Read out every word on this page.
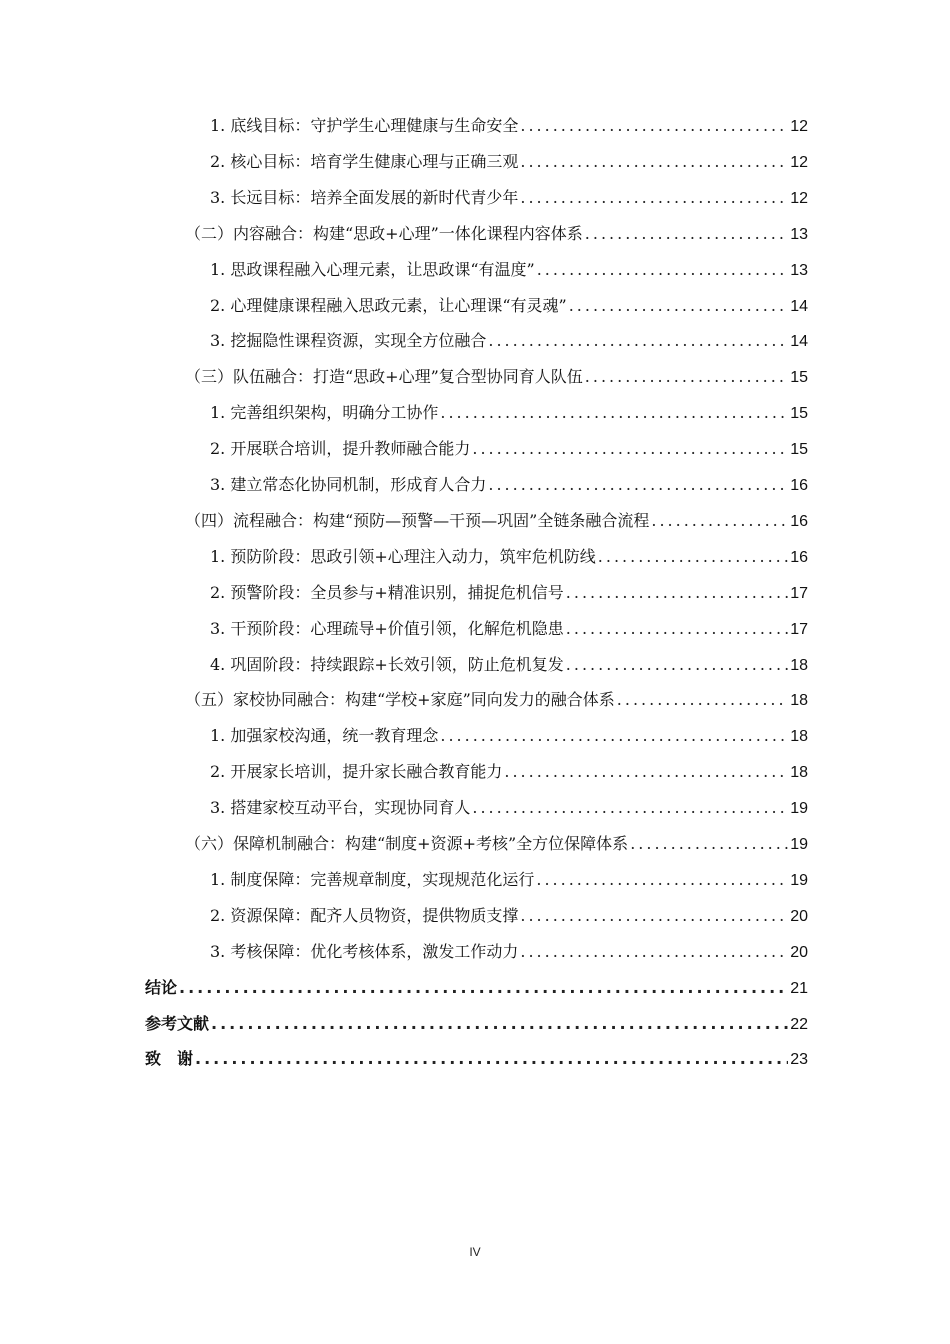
1. 底线目标：守护学生心理健康与生命安全 .....	12
2. 核心目标：培育学生健康心理与正确三观 .....	12
3. 长远目标：培养全面发展的新时代青少年 .....	12
（二）内容融合：构建“思政+心理”一体化课程内容体系 .....	13
1. 思政课程融入心理元素，让思政课“有温度” .....	13
2. 心理健康课程融入思政元素，让心理课“有灵魂” .....	14
3. 挖掘隐性课程资源，实现全方位融合 .....	14
（三）队伍融合：打造“思政+心理”复合型协同育人队伍 .....	15
1. 完善组织架构，明确分工协作 .....	15
2. 开展联合培训，提升教师融合能力 .....	15
3. 建立常态化协同机制，形成育人合力 .....	16
（四）流程融合：构建“预防—预警—干预—巩固”全链条融合流程 .....	16
1. 预防阶段：思政引领+心理注入动力，筑牢危机防线 .....	16
2. 预警阶段：全员参与+精准识别，捕捉危机信号 .....	17
3. 干预阶段：心理疏导+价值引领，化解危机隐患 .....	17
4. 巩固阶段：持续跟踪+长效引领，防止危机复发 .....	18
（五）家校协同融合：构建“学校+家庭”同向发力的融合体系 .....	18
1. 加强家校沟通，统一教育理念 .....	18
2. 开展家长培训，提升家长融合教育能力 .....	18
3. 搭建家校互动平台，实现协同育人 .....	19
（六）保障机制融合：构建“制度+资源+考核”全方位保障体系 .....	19
1. 制度保障：完善规章制度，实现规范化运行 .....	19
2. 资源保障：配齐人员物资，提供物质支撑 .....	20
3. 考核保障：优化考核体系，激发工作动力 .....	20
结论 .....	21
参考文献 .....	22
致　谢 .....	23
IV
